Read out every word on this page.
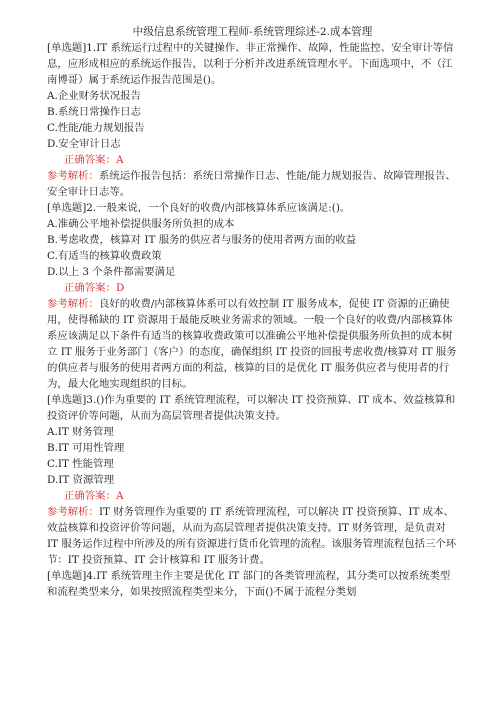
中级信息系统管理工程师-系统管理综述-2.成本管理

[单选题]1.IT 系统运行过程中的关键操作、非正常操作、故障，性能监控、安全审计等信息，应形成相应的系统运作报告，以利于分析并改进系统管理水平。下面选项中，不（江南博哥）属于系统运作报告范围是()。

A.企业财务状况报告

B.系统日常操作日志

C.性能/能力规划报告

D.安全审计日志

正确答案：A

参考解析：系统运作报告包括：系统日常操作日志、性能/能力规划报告、故障管理报告、安全审计日志等。

[单选题]2.一般来说，一个良好的收费/内部核算体系应该满足:()。

A.准确公平地补偿提供服务所负担的成本

B.考虑收费，核算对 IT 服务的供应者与服务的使用者两方面的收益

C.有适当的核算收费政策

D.以上 3 个条件都需要满足

正确答案：D

参考解析：良好的收费/内部核算体系可以有效控制 IT 服务成本，促使 IT 资源的正确使用，使得稀缺的 IT 资源用于最能反映业务需求的领域。一般一个良好的收费/内部核算体系应该满足以下条件有适当的核算收费政策可以准确公平地补偿提供服务所负担的成本树立 IT 服务于业务部门（客户）的态度，确保组织 IT 投资的回报考虑收费/核算对 IT 服务的供应者与服务的使用者两方面的利益，核算的目的是优化 IT 服务供应者与使用者的行为，最大化地实现组织的目标。

[单选题]3.()作为重要的 IT 系统管理流程，可以解决 IT 投资预算、IT 成本、效益核算和投资评价等问题，从而为高层管理者提供决策支持。

A.IT 财务管理

B.IT 可用性管理

C.IT 性能管理

D.IT 资源管理

正确答案：A

参考解析：IT 财务管理作为重要的 IT 系统管理流程，可以解决 IT 投资预算、IT 成本、效益核算和投资评价等问题，从而为高层管理者提供决策支持。IT 财务管理，是负责对 IT 服务运作过程中所涉及的所有资源进行货币化管理的流程。该服务管理流程包括三个环节：IT 投资预算、IT 会计核算和 IT 服务计费。

[单选题]4.IT 系统管理主作主要是优化 IT 部门的各类管理流程，其分类可以按系统类型和流程类型来分，如果按照流程类型来分，下面()不属于流程分类划
